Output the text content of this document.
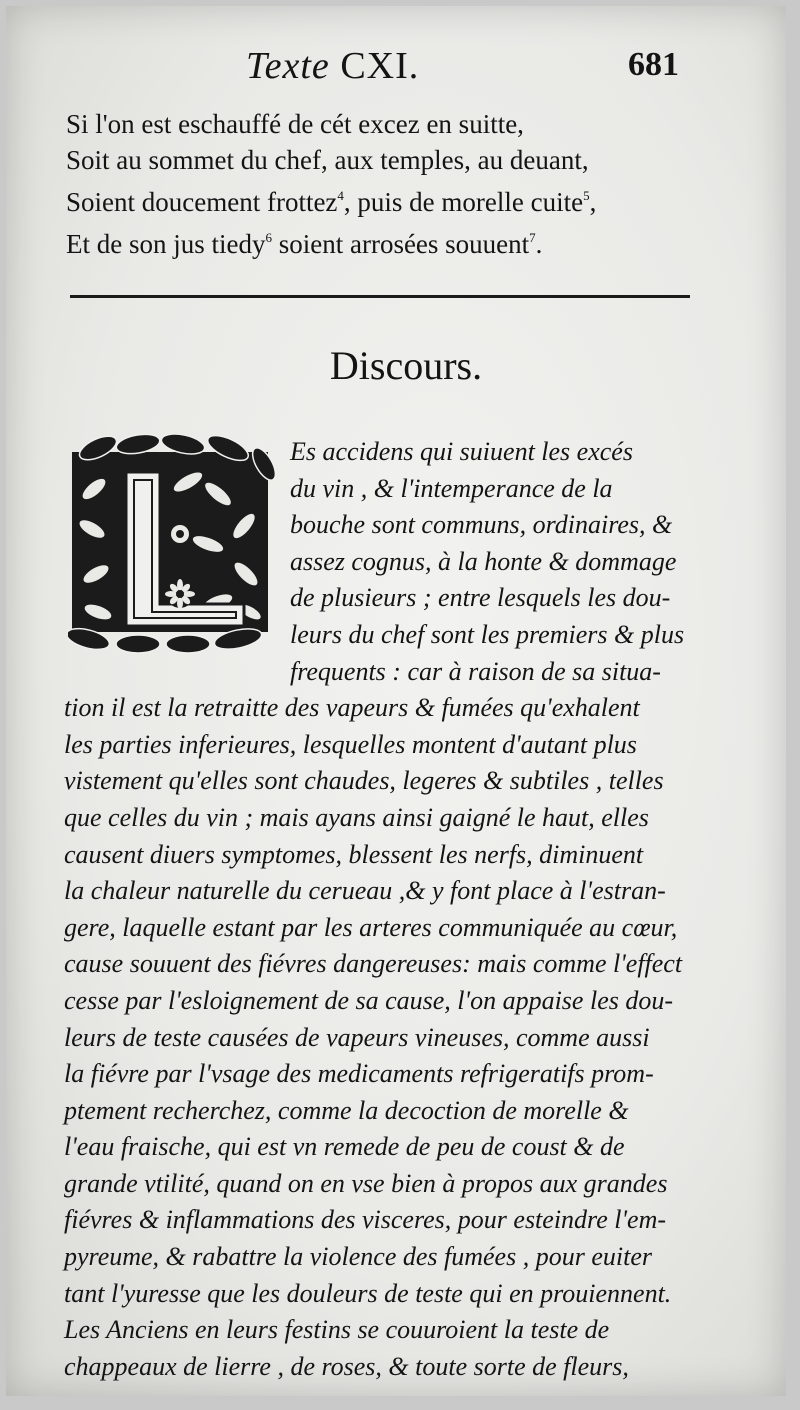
Texte CXI.	681
Si l'on est eschauffé de cét excez en suitte,
Soit au sommet du chef, aux temples, au deuant,
Soient doucement frottez$^4$, puis de morelle cuite$^5$,
Et de son jus tiedy$^6$ soient arrosées souuent$^7$.
Discours.
Es accidens qui suiuent les excés
du vin , & l'intemperance de la
bouche sont communs, ordinaires, &
assez cognus, à la honte & dommage
de plusieurs ; entre lesquels les dou-
leurs du chef sont les premiers & plus
frequents : car à raison de sa situa-
tion il est la retraitte des vapeurs & fumées qu'exhalent
les parties inferieures, lesquelles montent d'autant plus
vistement qu'elles sont chaudes, legeres & subtiles , telles
que celles du vin ; mais ayans ainsi gaigné le haut, elles
causent diuers symptomes, blessent les nerfs, diminuent
la chaleur naturelle du cerueau ,& y font place à l'estran-
gere, laquelle estant par les arteres communiquée au cœur,
cause souuent des fiévres dangereuses: mais comme l'effect
cesse par l'esloignement de sa cause, l'on appaise les dou-
leurs de teste causées de vapeurs vineuses, comme aussi
la fiévre par l'vsage des medicaments refrigeratifs prom-
ptement recherchez, comme la decoction de morelle &
l'eau fraische, qui est vn remede de peu de coust & de
grande vtilité, quand on en vse bien à propos aux grandes
fiévres & inflammations des visceres, pour esteindre l'em-
pyreume, & rabattre la violence des fumées , pour euiter
tant l'yuresse que les douleurs de teste qui en prouiennent.
Les Anciens en leurs festins se couuroient la teste de
chappeaux de lierre , de roses, & toute sorte de fleurs,
